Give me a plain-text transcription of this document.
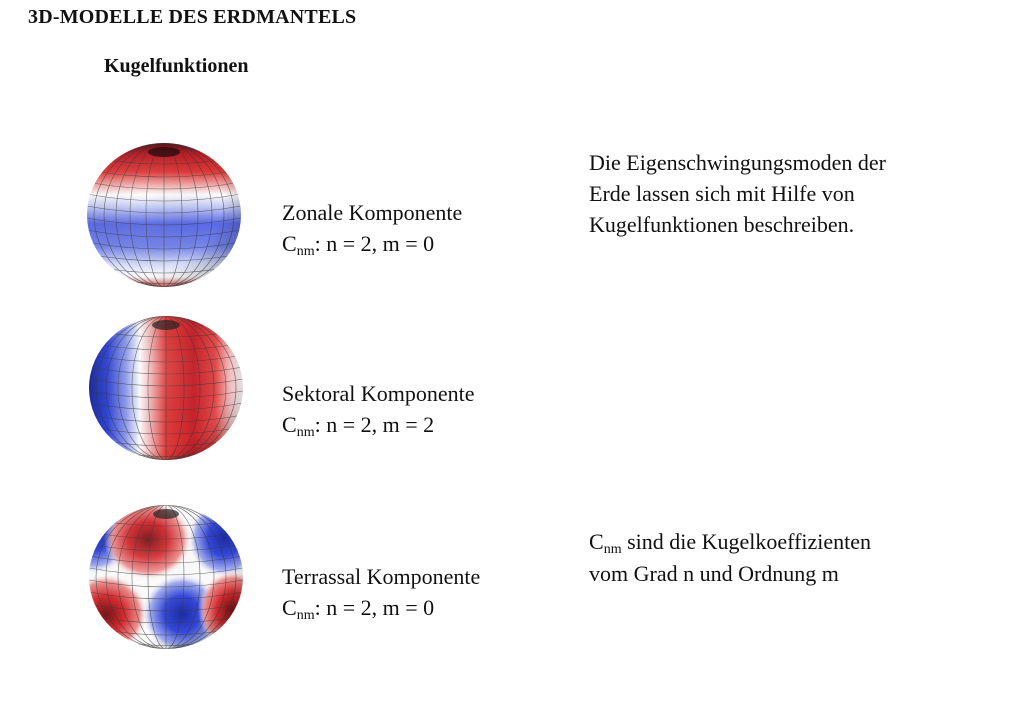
3D-MODELLE DES ERDMANTELS
Kugelfunktionen
Zonale Komponente
$C_{nm}$: n = 2, m = 0
Sektoral Komponente
$C_{nm}$: n = 2, m = 2
Terrassal Komponente
$C_{nm}$: n = 2, m = 0
Die Eigenschwingungsmoden der
Erde lassen sich mit Hilfe von
Kugelfunktionen beschreiben.
$C_{nm}$ sind die Kugelkoeffizienten
vom Grad n und Ordnung m
